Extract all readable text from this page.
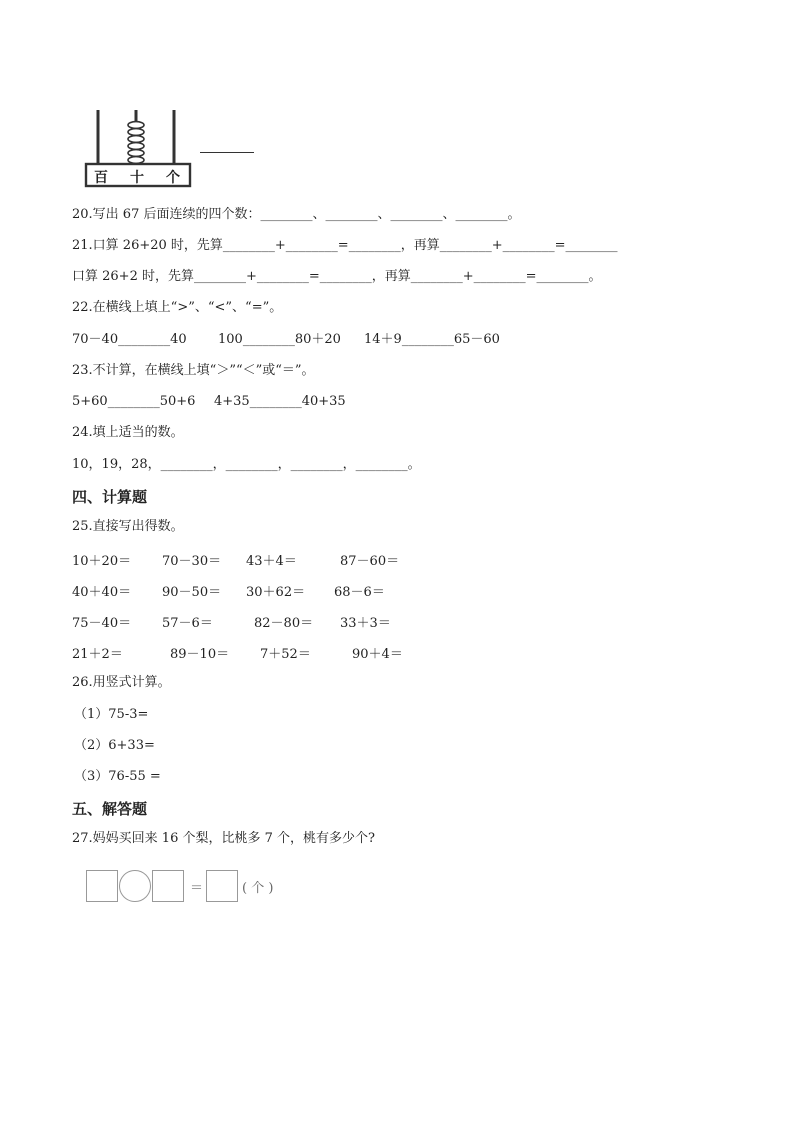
百 十 个
20.写出 67 后面连续的四个数：________、________、________、________。
21.口算 26+20 时，先算________+________=________，再算________+________=________
口算 26+2 时，先算________+________=________，再算________+________=________。
22.在横线上填上“>”、“<”、“=”。
70－40________40 100________80＋20 14＋9________65－60
23.不计算，在横线上填“＞”“＜”或“＝”。
5+60________50+6 4+35________40+35
24.填上适当的数。
10，19，28，________，________，________，________。
四、计算题
25.直接写出得数。
10＋20＝ 70－30＝ 43＋4＝	87－60＝
40＋40＝ 90－50＝ 30＋62＝ 68－6＝
75－40＝ 57－6＝	82－80＝ 33＋3＝
21＋2＝	89－10＝ 7＋52＝	90＋4＝
26.用竖式计算。
（1）75-3=
（2）6+33=
（3）76-55 =
五、解答题
27.妈妈买回来 16 个梨，比桃多 7 个，桃有多少个?
＝	( 个 )
